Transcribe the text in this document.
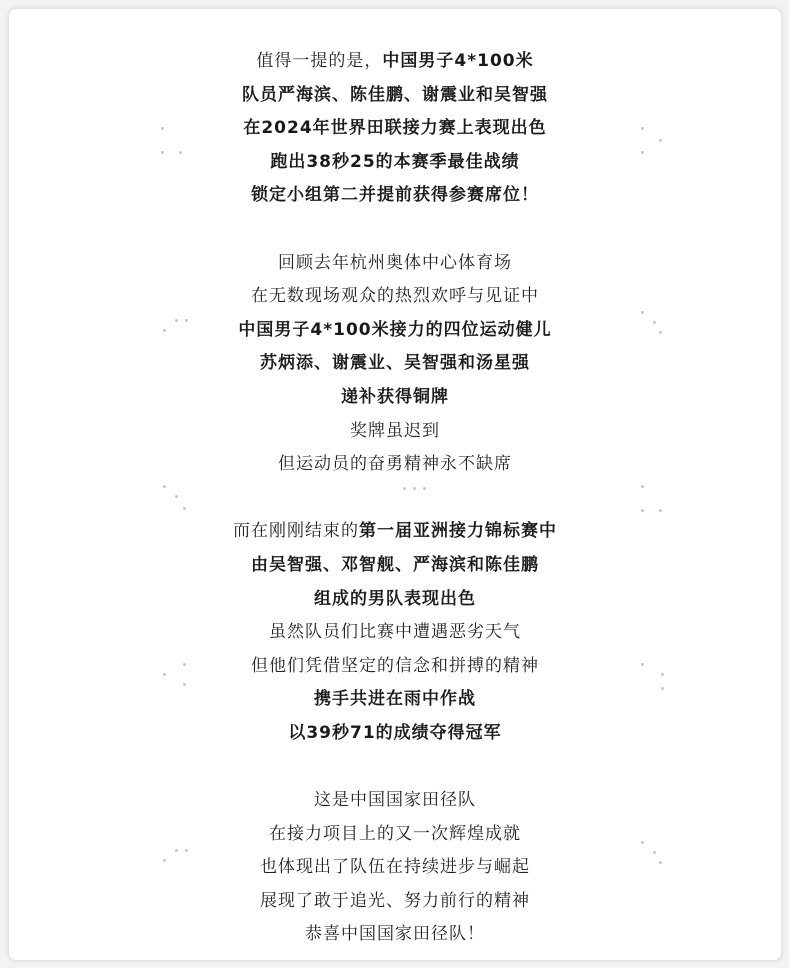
值得一提的是，中国男子4*100米
队员严海滨、陈佳鹏、谢震业和吴智强
在2024年世界田联接力赛上表现出色
跑出38秒25的本赛季最佳战绩
锁定小组第二并提前获得参赛席位！
回顾去年杭州奥体中心体育场
在无数现场观众的热烈欢呼与见证中
中国男子4*100米接力的四位运动健儿
苏炳添、谢震业、吴智强和汤星强
递补获得铜牌
奖牌虽迟到
但运动员的奋勇精神永不缺席
而在刚刚结束的第一届亚洲接力锦标赛中
由吴智强、邓智舰、严海滨和陈佳鹏
组成的男队表现出色
虽然队员们比赛中遭遇恶劣天气
但他们凭借坚定的信念和拼搏的精神
携手共进在雨中作战
以39秒71的成绩夺得冠军
这是中国国家田径队
在接力项目上的又一次辉煌成就
也体现出了队伍在持续进步与崛起
展现了敢于追光、努力前行的精神
恭喜中国国家田径队！
